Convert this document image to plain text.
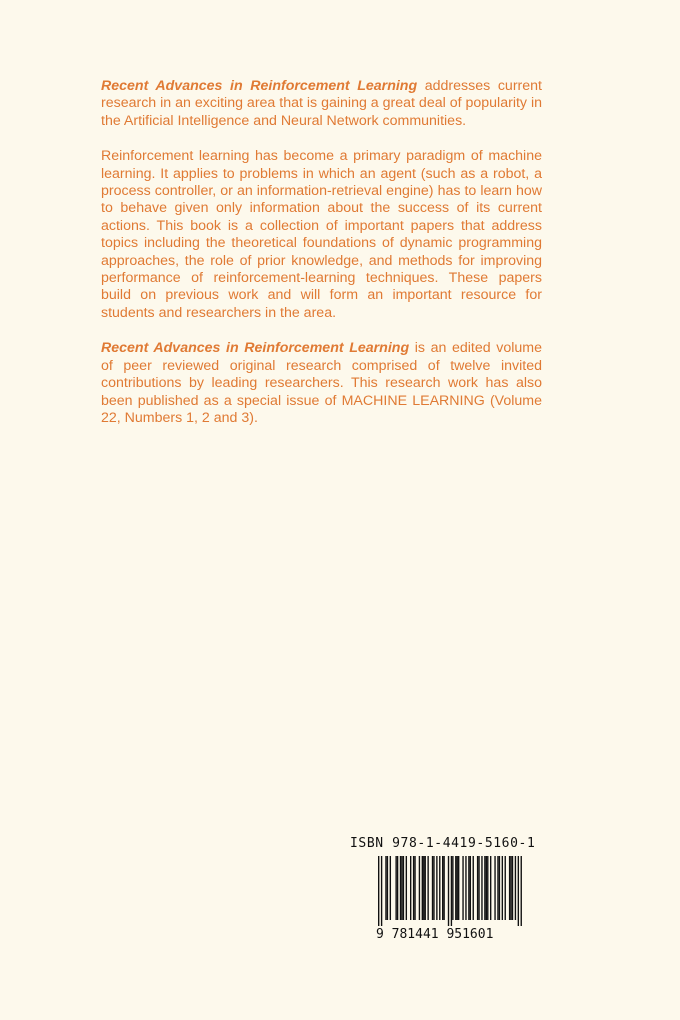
Recent Advances in Reinforcement Learning addresses current research in an exciting area that is gaining a great deal of popularity in the Artificial Intelligence and Neural Network communities.

Reinforcement learning has become a primary paradigm of machine learning. It applies to problems in which an agent (such as a robot, a process controller, or an information-retrieval engine) has to learn how to behave given only information about the success of its current actions. This book is a collection of important papers that address topics including the theoretical foundations of dynamic programming approaches, the role of prior knowledge, and methods for improving performance of reinforcement-learning techniques. These papers build on previous work and will form an important resource for students and researchers in the area.

Recent Advances in Reinforcement Learning is an edited volume of peer reviewed original research comprised of twelve invited contributions by leading researchers. This research work has also been published as a special issue of MACHINE LEARNING (Volume 22, Numbers 1, 2 and 3).

ISBN 978-1-4419-5160-1
9 781441 951601
